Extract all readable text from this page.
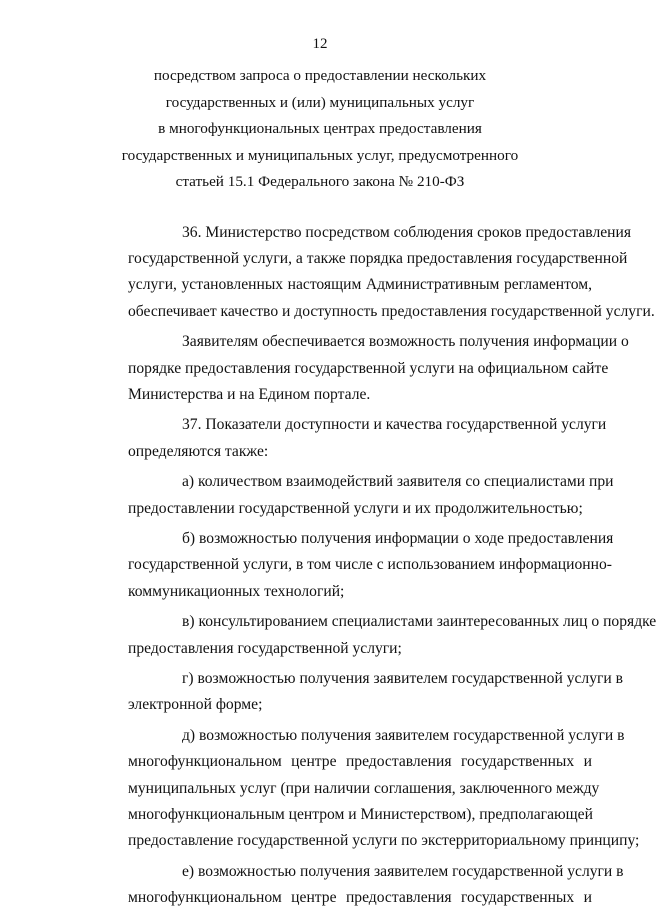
12
посредством запроса о предоставлении нескольких
государственных и (или) муниципальных услуг
в многофункциональных центрах предоставления
государственных и муниципальных услуг, предусмотренного
статьей 15.1 Федерального закона № 210-ФЗ
36. Министерство посредством соблюдения сроков предоставления
государственной услуги, а также порядка предоставления государственной
услуги, установленных настоящим Административным регламентом,
обеспечивает качество и доступность предоставления государственной услуги.
Заявителям обеспечивается возможность получения информации о
порядке предоставления государственной услуги на официальном сайте
Министерства и на Едином портале.
37. Показатели доступности и качества государственной услуги
определяются также:
а) количеством взаимодействий заявителя со специалистами при
предоставлении государственной услуги и их продолжительностью;
б) возможностью получения информации о ходе предоставления
государственной услуги, в том числе с использованием информационно-
коммуникационных технологий;
в) консультированием специалистами заинтересованных лиц о порядке
предоставления государственной услуги;
г) возможностью получения заявителем государственной услуги в
электронной форме;
д) возможностью получения заявителем государственной услуги в
многофункциональном центре предоставления государственных и
муниципальных услуг (при наличии соглашения, заключенного между
многофункциональным центром и Министерством), предполагающей
предоставление государственной услуги по экстерриториальному принципу;
е) возможностью получения заявителем государственной услуги в
многофункциональном центре предоставления государственных и
